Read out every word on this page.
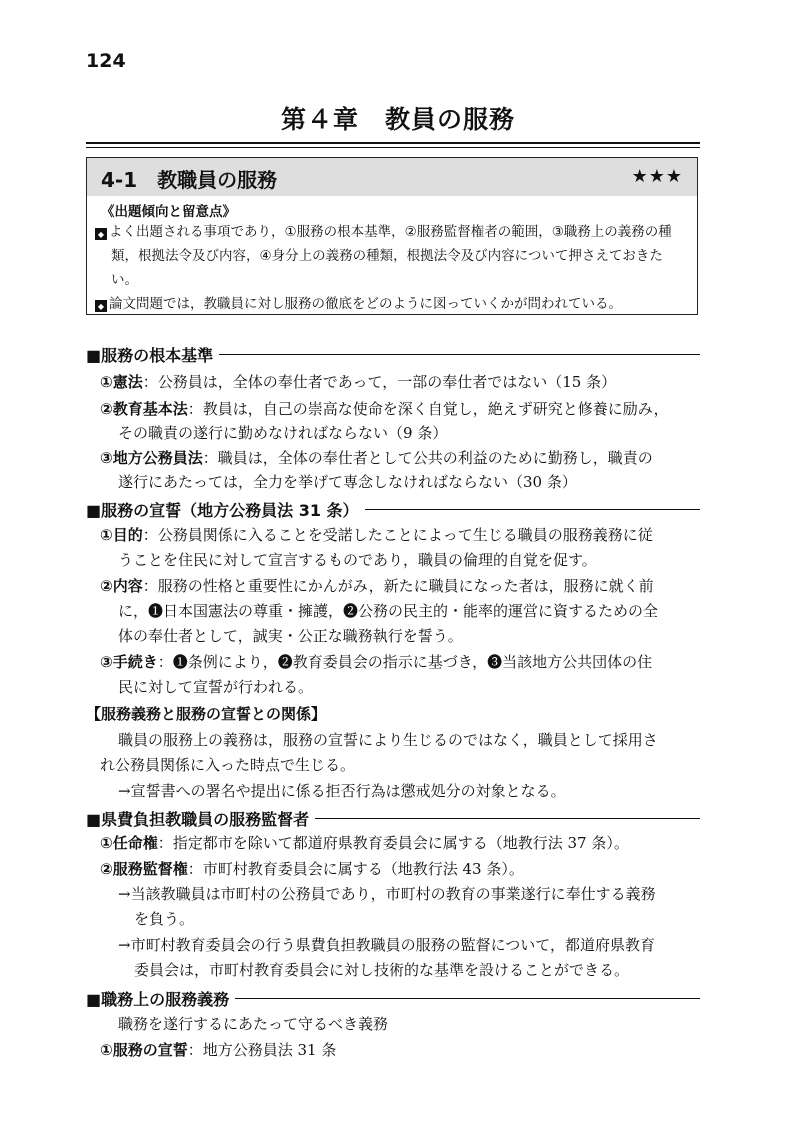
124
第４章　教員の服務
4-1　教職員の服務	★★★
《出題傾向と留意点》
◆ よく出題される事項であり，①服務の根本基準，②服務監督権者の範囲，③職務上の義務の種類，根拠法令及び内容，④身分上の義務の種類，根拠法令及び内容について押さえておきたい。
◆ 論文問題では，教職員に対し服務の徹底をどのように図っていくかが問われている。
■服務の根本基準
①憲法：公務員は，全体の奉仕者であって，一部の奉仕者ではない（15 条）
②教育基本法：教員は，自己の崇高な使命を深く自覚し，絶えず研究と修養に励み，
その職責の遂行に勤めなければならない（9 条）
③地方公務員法：職員は，全体の奉仕者として公共の利益のために勤務し，職責の
遂行にあたっては，全力を挙げて専念しなければならない（30 条）
■服務の宣誓（地方公務員法 31 条）
①目的：公務員関係に入ることを受諾したことによって生じる職員の服務義務に従
うことを住民に対して宣言するものであり，職員の倫理的自覚を促す。
②内容：服務の性格と重要性にかんがみ，新たに職員になった者は，服務に就く前
に，❶日本国憲法の尊重・擁護，❷公務の民主的・能率的運営に資するための全
体の奉仕者として，誠実・公正な職務執行を誓う。
③手続き：❶条例により，❷教育委員会の指示に基づき，❸当該地方公共団体の住
民に対して宣誓が行われる。
【服務義務と服務の宣誓との関係】
職員の服務上の義務は，服務の宣誓により生じるのではなく，職員として採用さ
れ公務員関係に入った時点で生じる。
→宣誓書への署名や提出に係る拒否行為は懲戒処分の対象となる。
■県費負担教職員の服務監督者
①任命権：指定都市を除いて都道府県教育委員会に属する（地教行法 37 条）。
②服務監督権：市町村教育委員会に属する（地教行法 43 条）。
→当該教職員は市町村の公務員であり，市町村の教育の事業遂行に奉仕する義務
を負う。
→市町村教育委員会の行う県費負担教職員の服務の監督について，都道府県教育
委員会は，市町村教育委員会に対し技術的な基準を設けることができる。
■職務上の服務義務
職務を遂行するにあたって守るべき義務
①服務の宣誓：地方公務員法 31 条
